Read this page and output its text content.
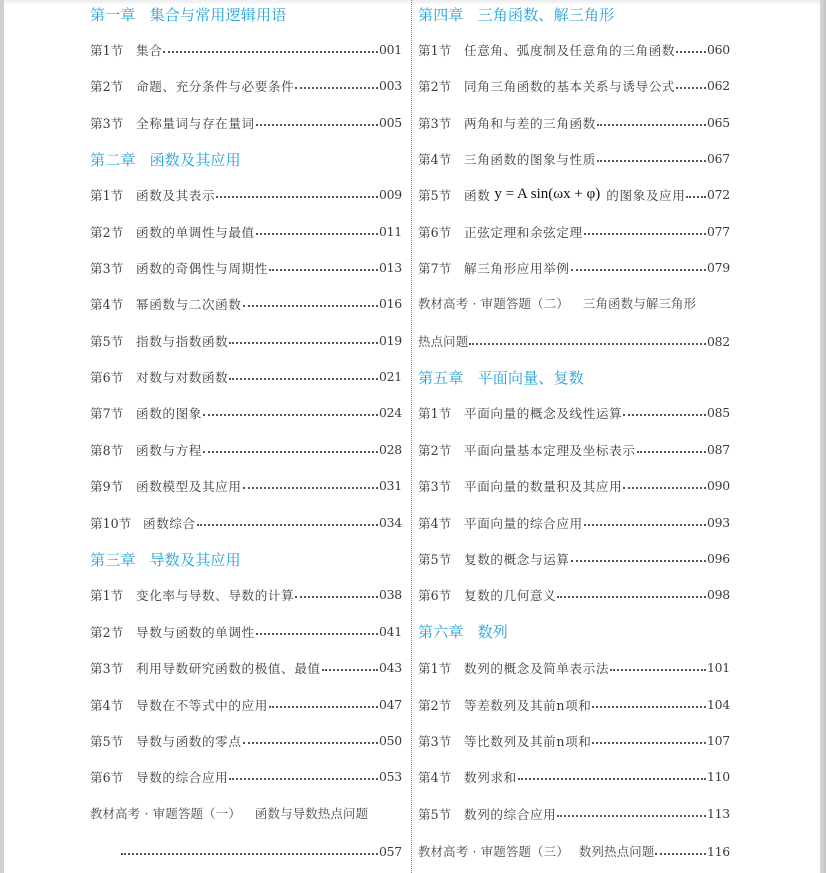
第一章 集合与常用逻辑用语
第1节	集合	001
第2节	命题、充分条件与必要条件	003
第3节	全称量词与存在量词	005
第二章 函数及其应用
第1节	函数及其表示	009
第2节	函数的单调性与最值	011
第3节	函数的奇偶性与周期性	013
第4节	幂函数与二次函数	016
第5节	指数与指数函数	019
第6节	对数与对数函数	021
第7节	函数的图象	024
第8节	函数与方程	028
第9节	函数模型及其应用	031
第10节 函数综合	034
第三章 导数及其应用
第1节	变化率与导数、导数的计算	038
第2节	导数与函数的单调性	041
第3节	利用导数研究函数的极值、最值	043
第4节	导数在不等式中的应用	047
第5节	导数与函数的零点	050
第6节	导数的综合应用	053
教材高考 · 审题答题（一） 函数与导数热点问题
057
第四章 三角函数、解三角形
第1节	任意角、弧度制及任意角的三角函数	060
第2节	同角三角函数的基本关系与诱导公式	062
第3节	两角和与差的三角函数	065
第4节	三角函数的图象与性质	067
第5节	函数 y = A sin(ωx + φ) 的图象及应用 072
第6节	正弦定理和余弦定理	077
第7节	解三角形应用举例	079
教材高考 · 审题答题（二） 三角函数与解三角形
热点问题	082
第五章 平面向量、复数
第1节	平面向量的概念及线性运算	085
第2节	平面向量基本定理及坐标表示	087
第3节	平面向量的数量积及其应用	090
第4节	平面向量的综合应用	093
第5节	复数的概念与运算	096
第6节	复数的几何意义	098
第六章 数列
第1节	数列的概念及简单表示法	101
第2节	等差数列及其前n项和	104
第3节	等比数列及其前n项和	107
第4节	数列求和	110
第5节	数列的综合应用	113
教材高考 · 审题答题（三） 数列热点问题	116
